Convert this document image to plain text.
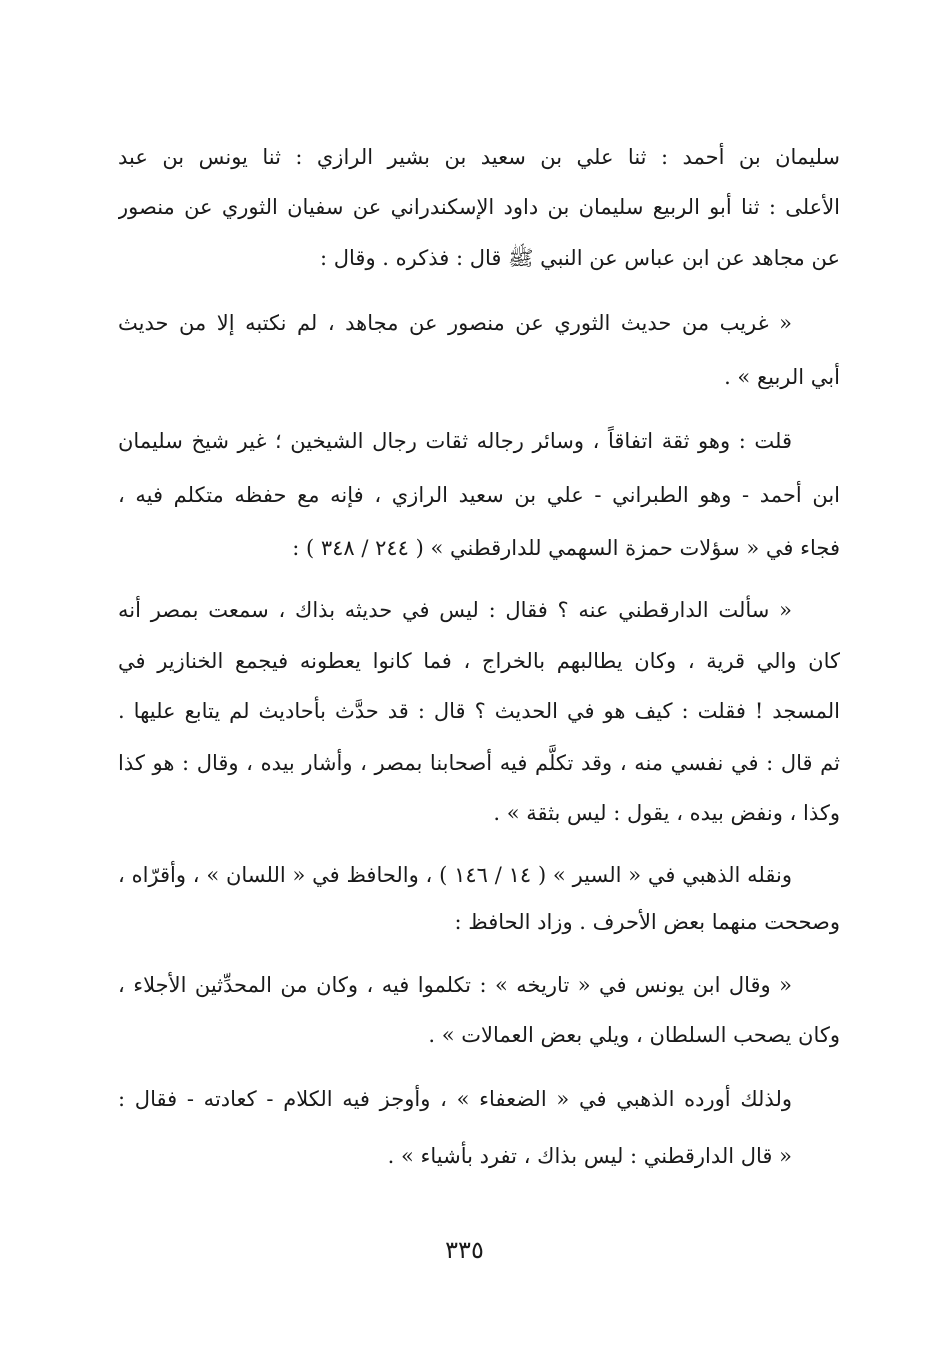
سليمان بن أحمد : ثنا علي بن سعيد بن بشير الرازي : ثنا يونس بن عبد
الأعلى : ثنا أبو الربيع سليمان بن داود الإسكندراني عن سفيان الثوري عن منصور
عن مجاهد عن ابن عباس عن النبي ﷺ قال : فذكره . وقال :
« غريب من حديث الثوري عن منصور عن مجاهد ، لم نكتبه إلا من حديث
أبي الربيع » .
قلت : وهو ثقة اتفاقاً ، وسائر رجاله ثقات رجال الشيخين ؛ غير شيخ سليمان
ابن أحمد - وهو الطبراني - علي بن سعيد الرازي ، فإنه مع حفظه متكلم فيه ،
فجاء في « سؤلات حمزة السهمي للدارقطني » ( ٢٤٤ / ٣٤٨ ) :
« سألت الدارقطني عنه ؟ فقال : ليس في حديثه بذاك ، سمعت بمصر أنه
كان والي قرية ، وكان يطالبهم بالخراج ، فما كانوا يعطونه فيجمع الخنازير في
المسجد ! فقلت : كيف هو في الحديث ؟ قال : قد حدَّث بأحاديث لم يتابع عليها .
ثم قال : في نفسي منه ، وقد تكلَّم فيه أصحابنا بمصر ، وأشار بيده ، وقال : هو كذا
وكذا ، ونفض بيده ، يقول : ليس بثقة » .
ونقله الذهبي في « السير » ( ١٤ / ١٤٦ ) ، والحافظ في « اللسان » ، وأقرّاه ،
وصححت منهما بعض الأحرف . وزاد الحافظ :
« وقال ابن يونس في « تاريخه » : تكلموا فيه ، وكان من المحدِّثين الأجلاء ،
وكان يصحب السلطان ، ويلي بعض العمالات » .
ولذلك أورده الذهبي في « الضعفاء » ، وأوجز فيه الكلام - كعادته - فقال :
« قال الدارقطني : ليس بذاك ، تفرد بأشياء » .
٣٣٥
